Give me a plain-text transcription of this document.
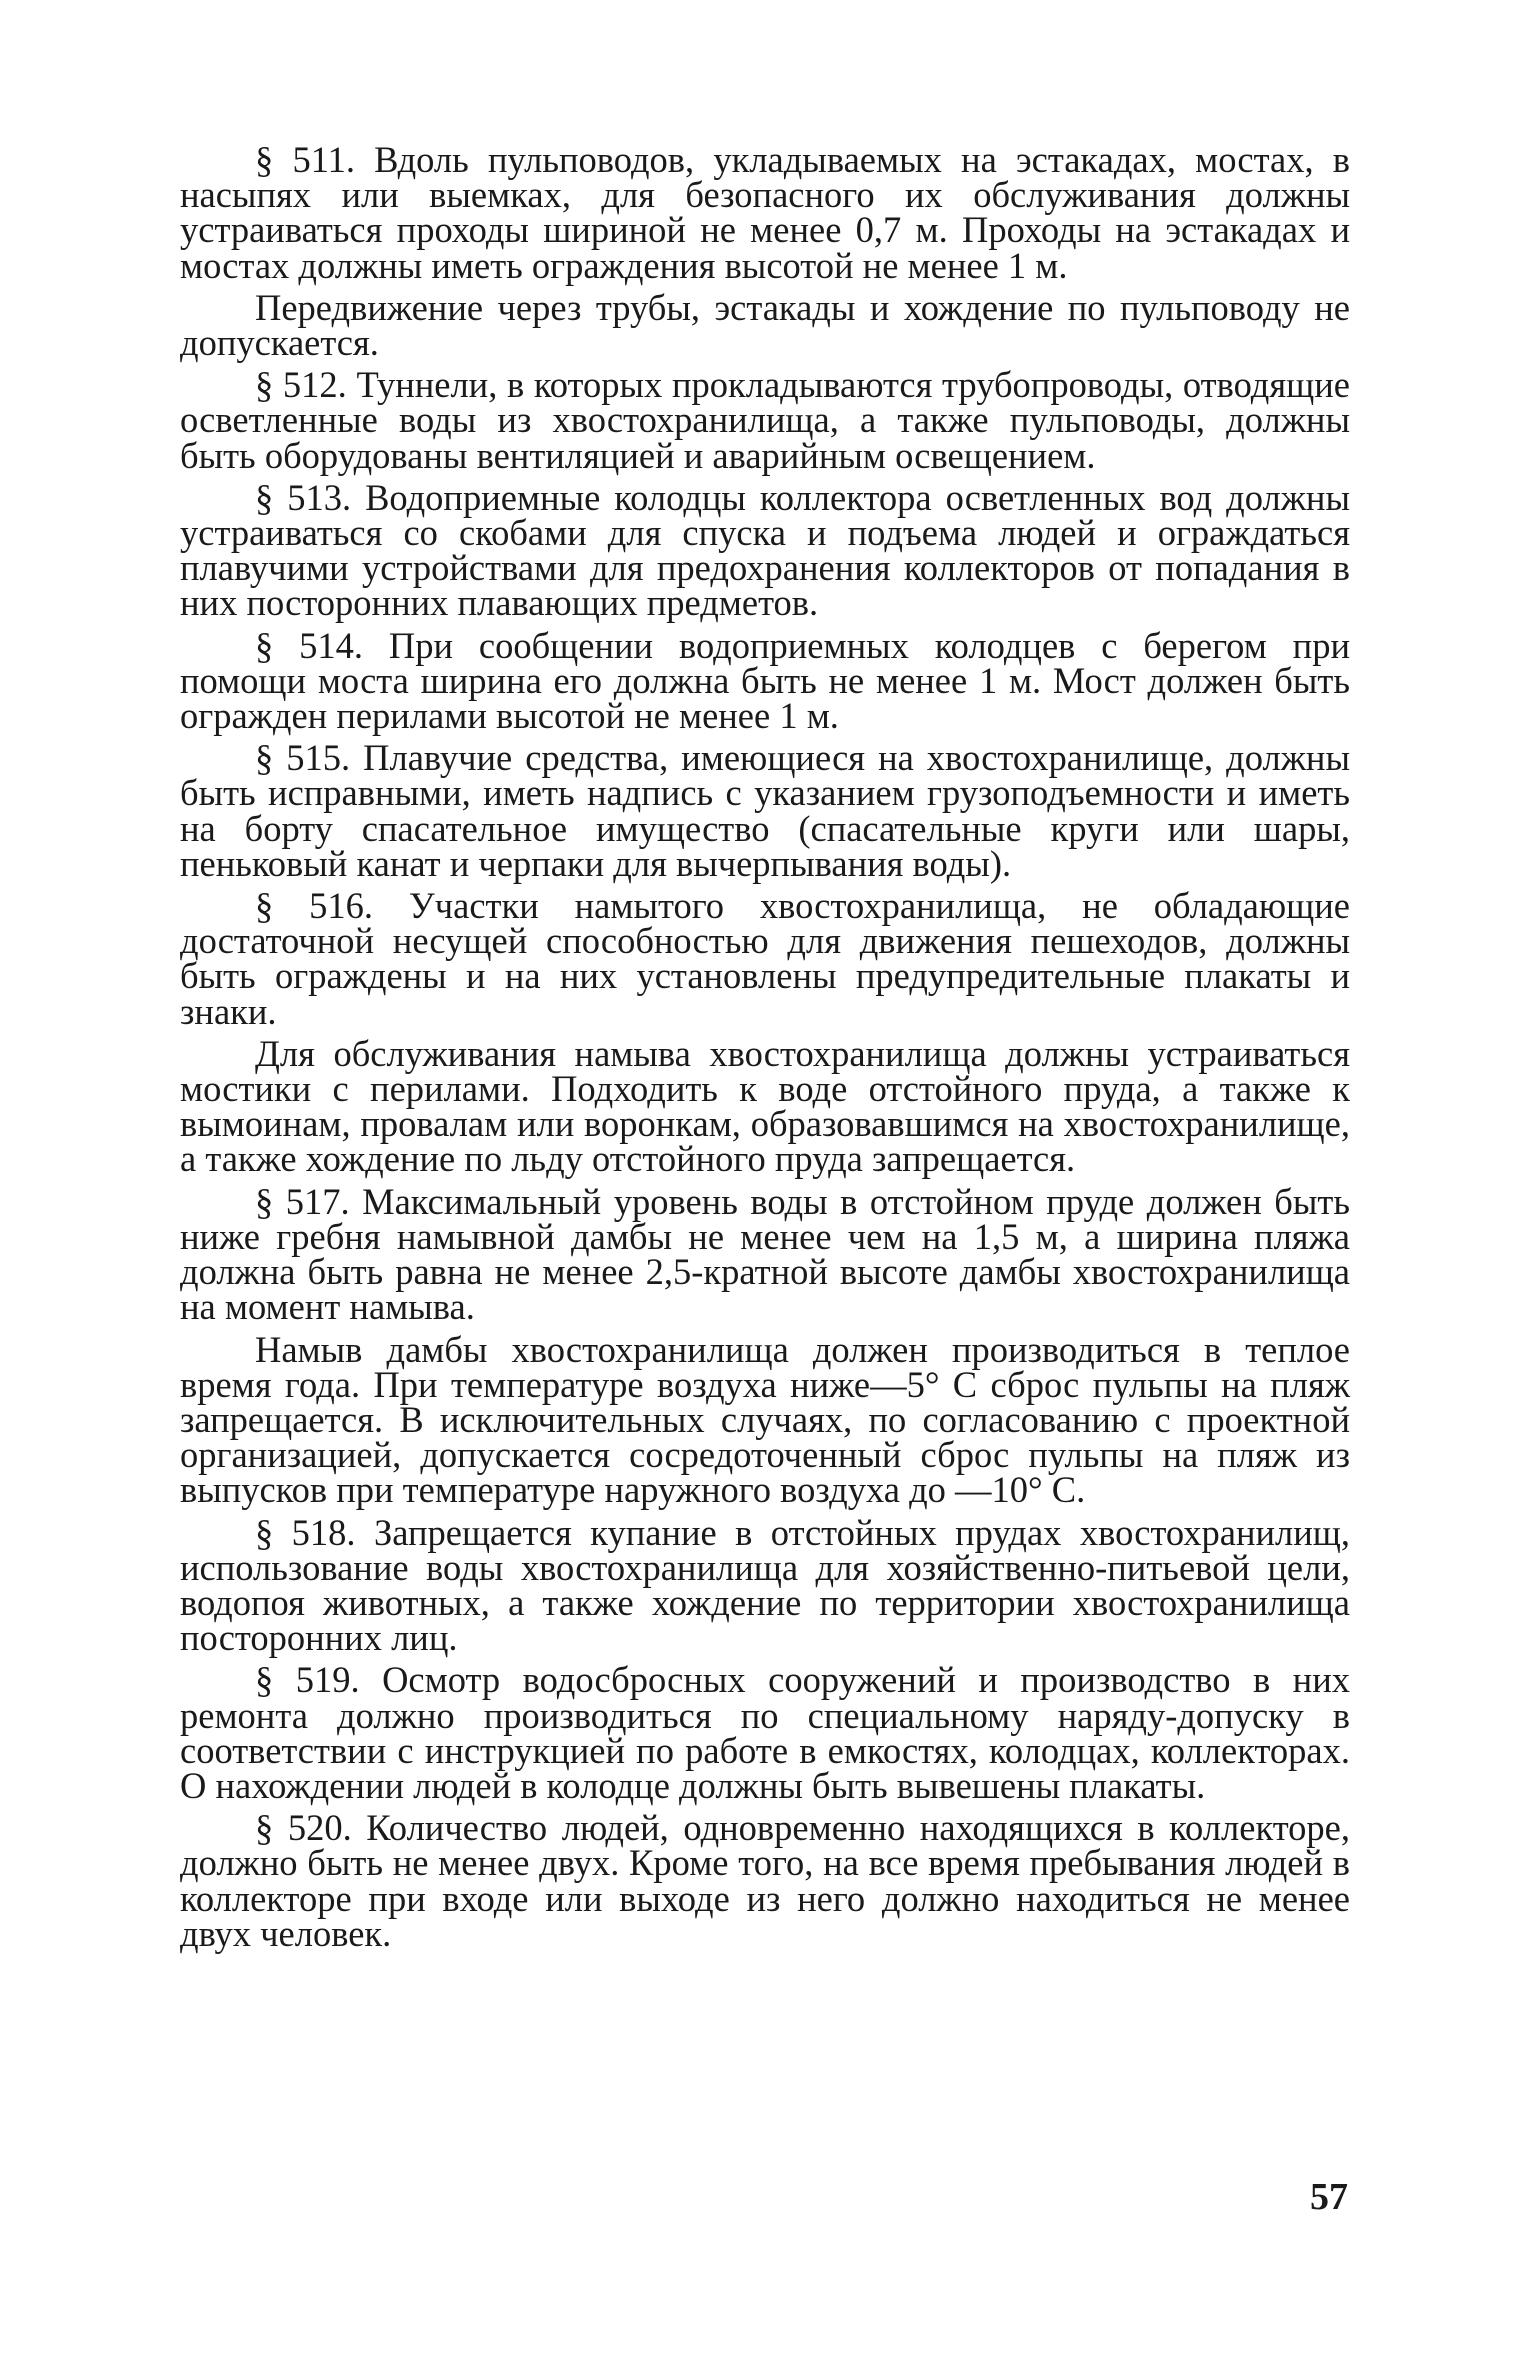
§ 511. Вдоль пульповодов, укладываемых на эстакадах, мостах, в насыпях или выемках, для безопасного их обслуживания должны устраиваться проходы шириной не менее 0,7 м. Проходы на эстакадах и мостах должны иметь ограждения высотой не менее 1 м.

Передвижение через трубы, эстакады и хождение по пульповоду не допускается.

§ 512. Туннели, в которых прокладываются трубопроводы, отводящие осветленные воды из хвостохранилища, а также пульповоды, должны быть оборудованы вентиляцией и аварийным освещением.

§ 513. Водоприемные колодцы коллектора осветленных вод должны устраиваться со скобами для спуска и подъема людей и ограждаться плавучими устройствами для предохранения коллекторов от попадания в них посторонних плавающих предметов.

§ 514. При сообщении водоприемных колодцев с берегом при помощи моста ширина его должна быть не менее 1 м. Мост должен быть огражден перилами высотой не менее 1 м.

§ 515. Плавучие средства, имеющиеся на хвостохранилище, должны быть исправными, иметь надпись с указанием грузоподъемности и иметь на борту спасательное имущество (спасательные круги или шары, пеньковый канат и черпаки для вычерпывания воды).

§ 516. Участки намытого хвостохранилища, не обладающие достаточной несущей способностью для движения пешеходов, должны быть ограждены и на них установлены предупредительные плакаты и знаки.

Для обслуживания намыва хвостохранилища должны устраиваться мостики с перилами. Подходить к воде отстойного пруда, а также к вымоинам, провалам или воронкам, образовавшимся на хвостохранилище, а также хождение по льду отстойного пруда запрещается.

§ 517. Максимальный уровень воды в отстойном пруде должен быть ниже гребня намывной дамбы не менее чем на 1,5 м, а ширина пляжа должна быть равна не менее 2,5-кратной высоте дамбы хвостохранилища на момент намыва.

Намыв дамбы хвостохранилища должен производиться в теплое время года. При температуре воздуха ниже—5° С сброс пульпы на пляж запрещается. В исключительных случаях, по согласованию с проектной организацией, допускается сосредоточенный сброс пульпы на пляж из выпусков при температуре наружного воздуха до —10° С.

§ 518. Запрещается купание в отстойных прудах хвостохранилищ, использование воды хвостохранилища для хозяйственно-питьевой цели, водопоя животных, а также хождение по территории хвостохранилища посторонних лиц.

§ 519. Осмотр водосбросных сооружений и производство в них ремонта должно производиться по специальному наряду-допуску в соответствии с инструкцией по работе в емкостях, колодцах, коллекторах. О нахождении людей в колодце должны быть вывешены плакаты.

§ 520. Количество людей, одновременно находящихся в коллекторе, должно быть не менее двух. Кроме того, на все время пребывания людей в коллекторе при входе или выходе из него должно находиться не менее двух человек.

57
